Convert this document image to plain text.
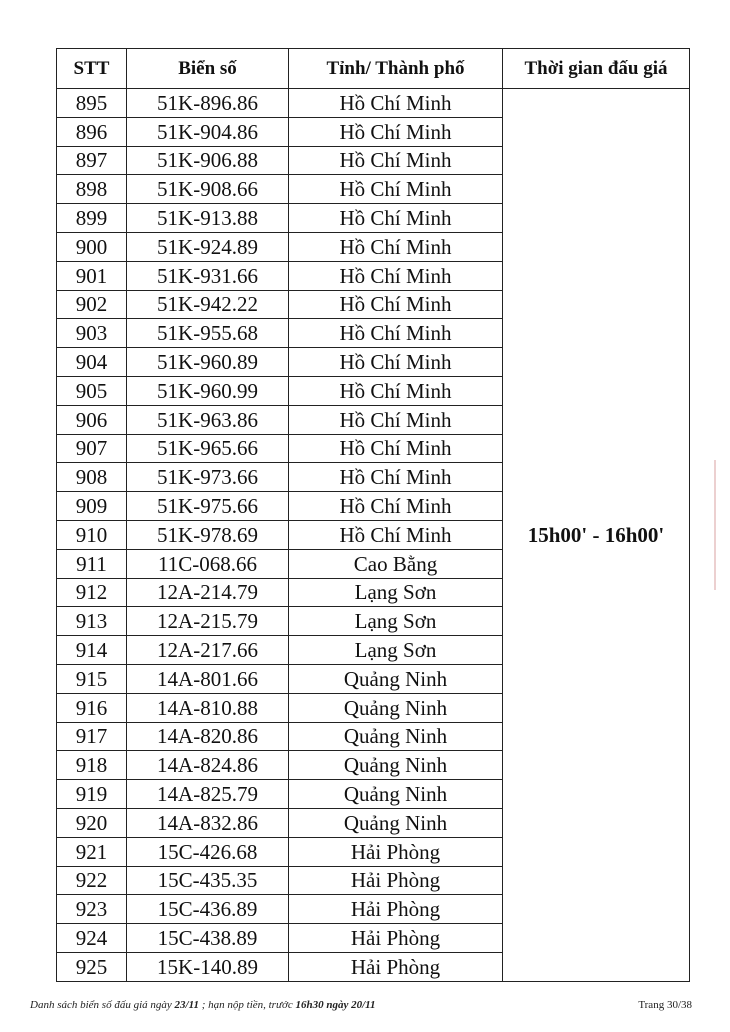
STT	Biển số	Tỉnh/ Thành phố	Thời gian đấu giá
895	51K-896.86	Hồ Chí Minh	15h00' - 16h00'
896	51K-904.86	Hồ Chí Minh	
897	51K-906.88	Hồ Chí Minh	
898	51K-908.66	Hồ Chí Minh	
899	51K-913.88	Hồ Chí Minh	
900	51K-924.89	Hồ Chí Minh	
901	51K-931.66	Hồ Chí Minh	
902	51K-942.22	Hồ Chí Minh	
903	51K-955.68	Hồ Chí Minh	
904	51K-960.89	Hồ Chí Minh	
905	51K-960.99	Hồ Chí Minh	
906	51K-963.86	Hồ Chí Minh	
907	51K-965.66	Hồ Chí Minh	
908	51K-973.66	Hồ Chí Minh	
909	51K-975.66	Hồ Chí Minh	
910	51K-978.69	Hồ Chí Minh	
911	11C-068.66	Cao Bằng	
912	12A-214.79	Lạng Sơn	
913	12A-215.79	Lạng Sơn	
914	12A-217.66	Lạng Sơn	
915	14A-801.66	Quảng Ninh	
916	14A-810.88	Quảng Ninh	
917	14A-820.86	Quảng Ninh	
918	14A-824.86	Quảng Ninh	
919	14A-825.79	Quảng Ninh	
920	14A-832.86	Quảng Ninh	
921	15C-426.68	Hải Phòng	
922	15C-435.35	Hải Phòng	
923	15C-436.89	Hải Phòng	
924	15C-438.89	Hải Phòng	
925	15K-140.89	Hải Phòng	
Danh sách biển số đấu giá ngày 23/11 ; hạn nộp tiền, trước 16h30 ngày 20/11	Trang 30/38
